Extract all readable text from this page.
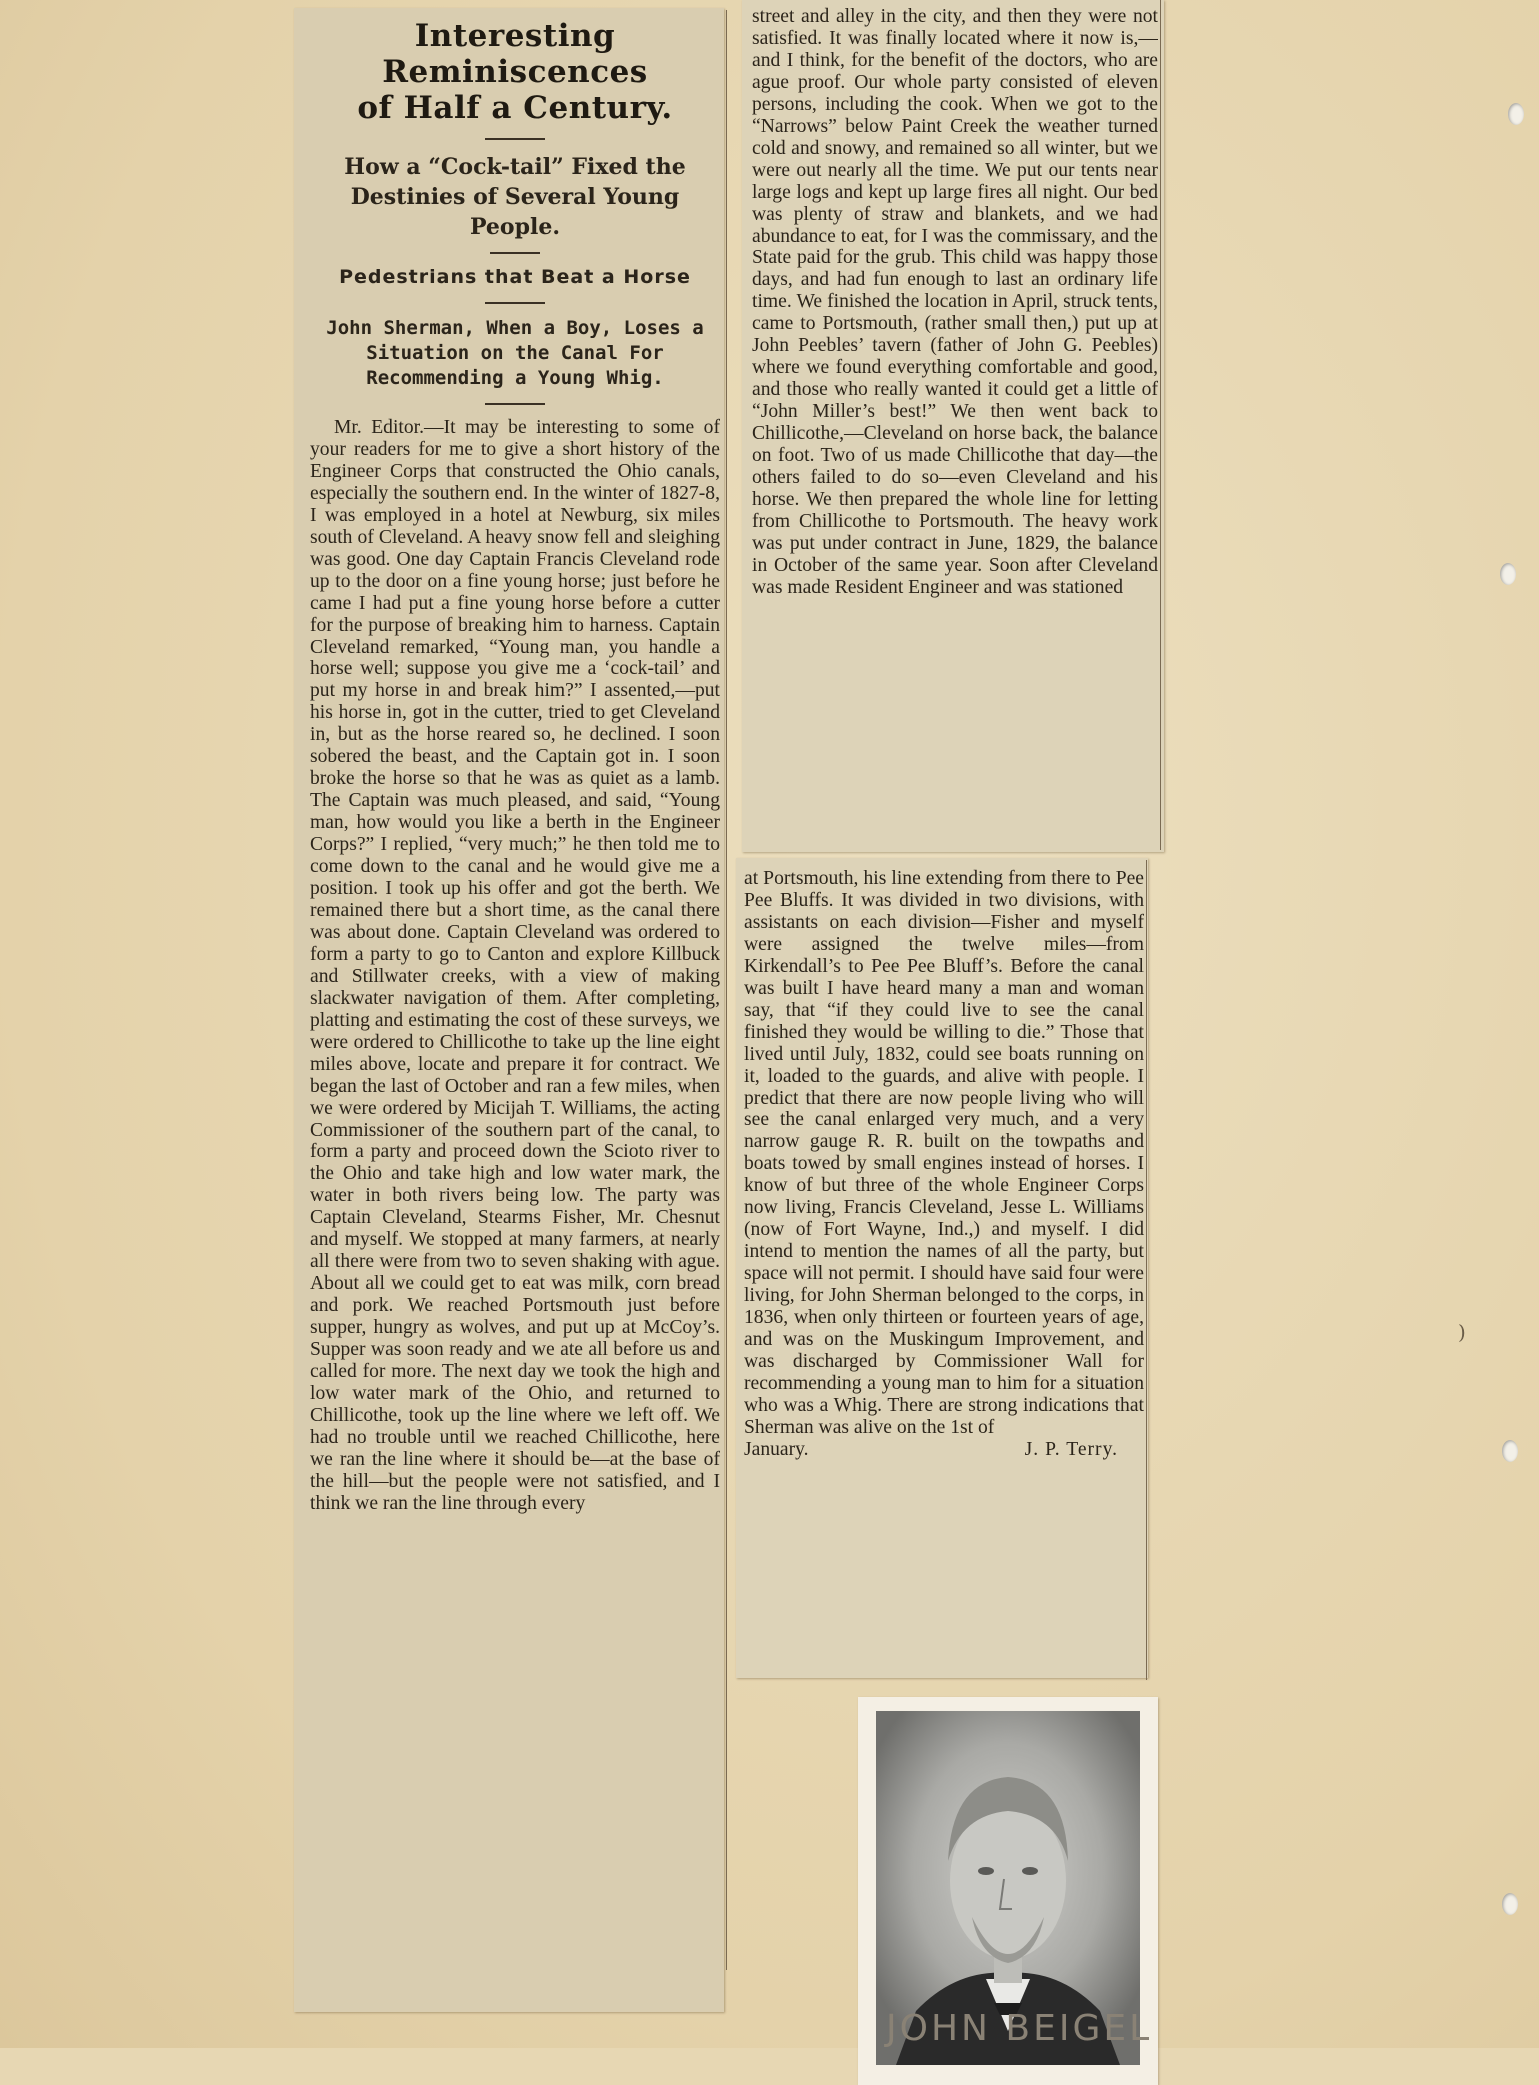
)
Interesting Reminiscences
of Half a Century.
How a “Cock-tail” Fixed the Destinies of Several Young People.
Pedestrians that Beat a Horse
John Sherman, When a Boy, Loses a Situation on the Canal For Recommending a Young Whig.

Mr. Editor.—It may be interesting to some of your readers for me to give a short history of the Engineer Corps that constructed the Ohio canals, especially the southern end. In the winter of 1827-8, I was employed in a hotel at Newburg, six miles south of Cleveland. A heavy snow fell and sleighing was good. One day Captain Francis Cleveland rode up to the door on a fine young horse; just before he came I had put a fine young horse before a cutter for the purpose of breaking him to harness. Captain Cleveland remarked, “Young man, you handle a horse well; suppose you give me a ‘cock-tail’ and put my horse in and break him?” I assented,—put his horse in, got in the cutter, tried to get Cleveland in, but as the horse reared so, he declined. I soon sobered the beast, and the Captain got in. I soon broke the horse so that he was as quiet as a lamb. The Captain was much pleased, and said, “Young man, how would you like a berth in the Engineer Corps?” I replied, “very much;” he then told me to come down to the canal and he would give me a position. I took up his offer and got the berth. We remained there but a short time, as the canal there was about done. Captain Cleveland was ordered to form a party to go to Canton and explore Killbuck and Stillwater creeks, with a view of making slackwater navigation of them. After completing, platting and estimating the cost of these surveys, we were ordered to Chillicothe to take up the line eight miles above, locate and prepare it for contract. We began the last of October and ran a few miles, when we were ordered by Micijah T. Williams, the acting Commissioner of the southern part of the canal, to form a party and proceed down the Scioto river to the Ohio and take high and low water mark, the water in both rivers being low. The party was Captain Cleveland, Stearms Fisher, Mr. Chesnut and myself. We stopped at many farmers, at nearly all there were from two to seven shaking with ague. About all we could get to eat was milk, corn bread and pork. We reached Portsmouth just before supper, hungry as wolves, and put up at McCoy’s. Supper was soon ready and we ate all before us and called for more. The next day we took the high and low water mark of the Ohio, and returned to Chillicothe, took up the line where we left off. We had no trouble until we reached Chillicothe, here we ran the line where it should be—at the base of the hill—but the people were not satisfied, and I think we ran the line through every

street and alley in the city, and then they were not satisfied. It was finally located where it now is,—and I think, for the benefit of the doctors, who are ague proof. Our whole party consisted of eleven persons, including the cook. When we got to the “Narrows” below Paint Creek the weather turned cold and snowy, and remained so all winter, but we were out nearly all the time. We put our tents near large logs and kept up large fires all night. Our bed was plenty of straw and blankets, and we had abundance to eat, for I was the commissary, and the State paid for the grub. This child was happy those days, and had fun enough to last an ordinary life time. We finished the location in April, struck tents, came to Portsmouth, (rather small then,) put up at John Peebles’ tavern (father of John G. Peebles) where we found everything comfortable and good, and those who really wanted it could get a little of “John Miller’s best!” We then went back to Chillicothe,—Cleveland on horse back, the balance on foot. Two of us made Chillicothe that day—the others failed to do so—even Cleveland and his horse. We then prepared the whole line for letting from Chillicothe to Portsmouth. The heavy work was put under contract in June, 1829, the balance in October of the same year. Soon after Cleveland was made Resident Engineer and was stationed

at Portsmouth, his line extending from there to Pee Pee Bluffs. It was divided in two divisions, with assistants on each division—Fisher and myself were assigned the twelve miles—from Kirkendall’s to Pee Pee Bluff’s. Before the canal was built I have heard many a man and woman say, that “if they could live to see the canal finished they would be willing to die.” Those that lived until July, 1832, could see boats running on it, loaded to the guards, and alive with people. I predict that there are now people living who will see the canal enlarged very much, and a very narrow gauge R. R. built on the towpaths and boats towed by small engines instead of horses. I know of but three of the whole Engineer Corps now living, Francis Cleveland, Jesse L. Williams (now of Fort Wayne, Ind.,) and myself. I did intend to mention the names of all the party, but space will not permit. I should have said four were living, for John Sherman belonged to the corps, in 1836, when only thirteen or fourteen years of age, and was on the Muskingum Improvement, and was discharged by Commissioner Wall for recommending a young man to him for a situation who was a Whig. There are strong indications that Sherman was alive on the 1st of

January.	J. P. Terry.
JOHN BEIGEL
